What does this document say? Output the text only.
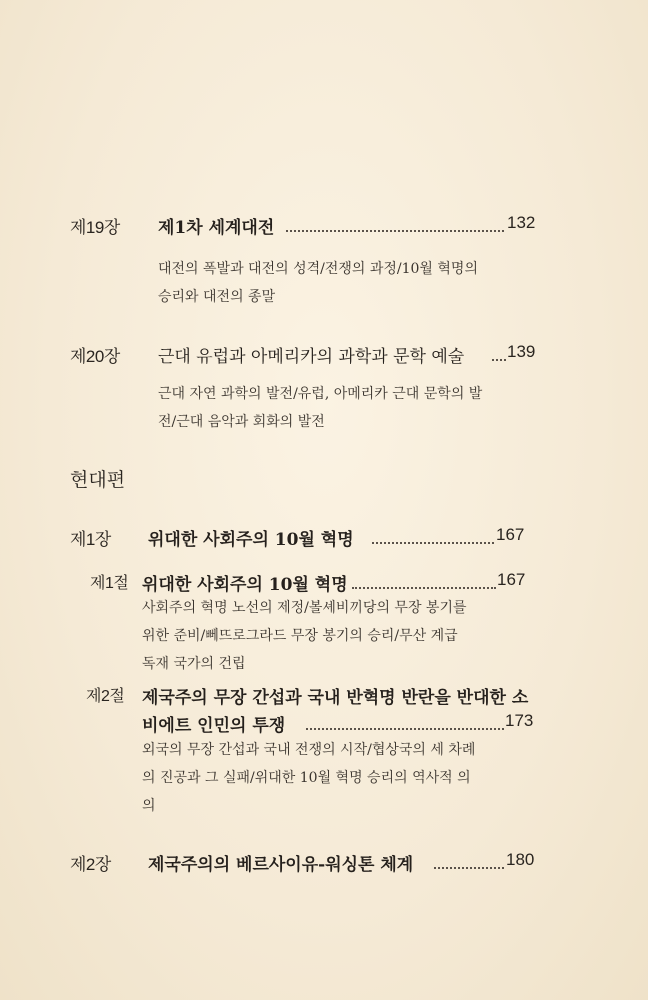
제19장 제1차 세계대전	132
대전의 폭발과 대전의 성격/전쟁의 과정/10월 혁명의
승리와 대전의 종말
제20장 근대 유럽과 아메리카의 과학과 문학 예술	139
근대 자연 과학의 발전/유럽, 아메리카 근대 문학의 발
전/근대 음악과 회화의 발전
현대편
제1장 위대한 사회주의 10월 혁명	167
제1절 위대한 사회주의 10월 혁명	167
사회주의 혁명 노선의 제정/볼셰비끼당의 무장 봉기를
위한 준비/뻬뜨로그라드 무장 봉기의 승리/무산 계급
독재 국가의 건립
제2절 제국주의 무장 간섭과 국내 반혁명 반란을 반대한 소
비에트 인민의 투쟁	173
외국의 무장 간섭과 국내 전쟁의 시작/협상국의 세 차례
의 진공과 그 실패/위대한 10월 혁명 승리의 역사적 의
의
제2장 제국주의의 베르사이유-워싱톤 체계	180
